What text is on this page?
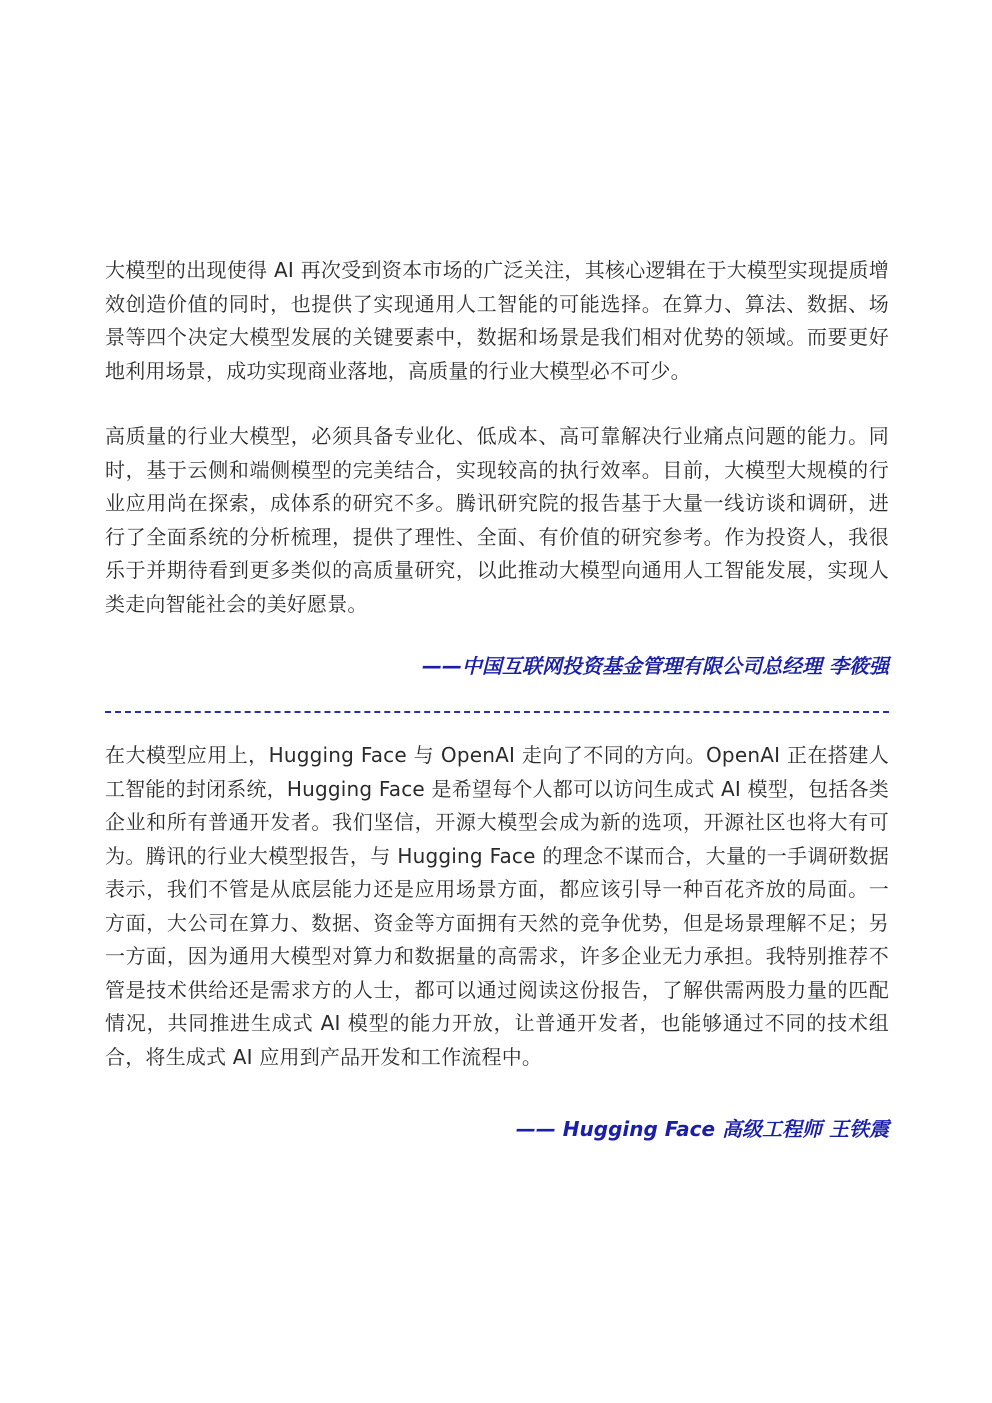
大模型的出现使得 AI 再次受到资本市场的广泛关注，其核心逻辑在于大模型实现提质增效创造价值的同时，也提供了实现通用人工智能的可能选择。在算力、算法、数据、场景等四个决定大模型发展的关键要素中，数据和场景是我们相对优势的领域。而要更好地利用场景，成功实现商业落地，高质量的行业大模型必不可少。

高质量的行业大模型，必须具备专业化、低成本、高可靠解决行业痛点问题的能力。同时，基于云侧和端侧模型的完美结合，实现较高的执行效率。目前，大模型大规模的行业应用尚在探索，成体系的研究不多。腾讯研究院的报告基于大量一线访谈和调研，进行了全面系统的分析梳理，提供了理性、全面、有价值的研究参考。作为投资人，我很乐于并期待看到更多类似的高质量研究，以此推动大模型向通用人工智能发展，实现人类走向智能社会的美好愿景。

——中国互联网投资基金管理有限公司总经理 李筱强

在大模型应用上，Hugging Face 与 OpenAI 走向了不同的方向。OpenAI 正在搭建人工智能的封闭系统，Hugging Face 是希望每个人都可以访问生成式 AI 模型，包括各类企业和所有普通开发者。我们坚信，开源大模型会成为新的选项，开源社区也将大有可为。腾讯的行业大模型报告，与 Hugging Face 的理念不谋而合，大量的一手调研数据表示，我们不管是从底层能力还是应用场景方面，都应该引导一种百花齐放的局面。一方面，大公司在算力、数据、资金等方面拥有天然的竞争优势，但是场景理解不足；另一方面，因为通用大模型对算力和数据量的高需求，许多企业无力承担。我特别推荐不管是技术供给还是需求方的人士，都可以通过阅读这份报告，了解供需两股力量的匹配情况，共同推进生成式 AI 模型的能力开放，让普通开发者，也能够通过不同的技术组合，将生成式 AI 应用到产品开发和工作流程中。

—— Hugging Face 高级工程师 王铁震
